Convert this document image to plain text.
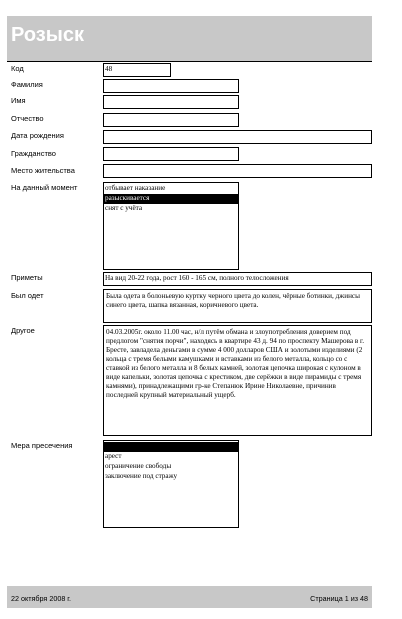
Розыск
Код	48
Фамилия
Имя
Отчество
Дата рождения
Гражданство
Место жительства
На данный момент	отбывает наказание
разыскивается
снят с учёта
Приметы	На вид 20-22 года, рост 160 - 165 см, полного телосложения
Был одет	Была одета в болоньевую куртку черного цвета до колен, чёрные ботинки, джинсы синего цвета, шапка вязанная, коричневого цвета.
Другое	04.03.2005г. около 11.00 час, н/л путём обмана и злоупотребления доверием под предлогом "снятия порчи", находясь в квартире 43 д. 94 по проспекту Машерова в г. Бресте, завладела деньгами в сумме 4 000 долларов США и золотыми изделиями (2 кольца с тремя белыми камушками и вставками из белого металла, кольцо со с ставкой из белого металла и 8 белых камней, золотая цепочка широкая с кулоном в виде капельки, золотая цепочка с крестиком, две серёжки в виде пирамиды с тремя камнями), принадлежащими гр-ке Степанюк Ирине Николаевне, причинив последней крупный материальный ущерб.
Мера пресечения
арест
ограничение свободы
заключение под стражу
22 октября 2008 г.	Страница 1 из 48
